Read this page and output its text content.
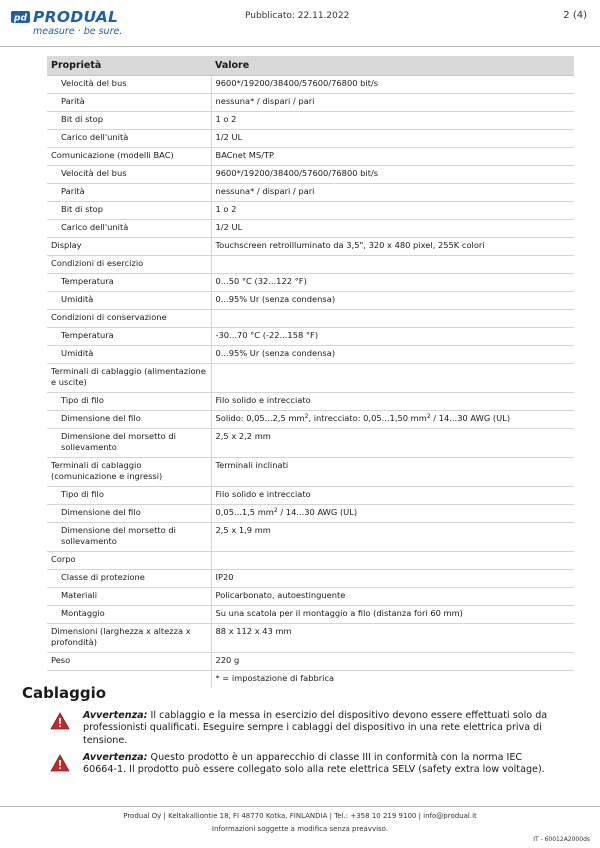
pd PRODUAL
measure · be sure.
Pubblicato: 22.11.2022	2 (4)
Proprietà	Valore
Velocità del bus	9600*/19200/38400/57600/76800 bit/s
Parità	nessuna* / dispari / pari
Bit di stop	1 o 2
Carico dell'unità	1/2 UL
Comunicazione (modelli BAC)	BACnet MS/TP
Velocità del bus	9600*/19200/38400/57600/76800 bit/s
Parità	nessuna* / dispari / pari
Bit di stop	1 o 2
Carico dell'unità	1/2 UL
Display	Touchscreen retroilluminato da 3,5", 320 x 480 pixel, 255K colori
Condizioni di esercizio	
Temperatura	0...50 °C (32...122 °F)
Umidità	0...95% Ur (senza condensa)
Condizioni di conservazione	
Temperatura	-30...70 °C (-22...158 °F)
Umidità	0...95% Ur (senza condensa)
Terminali di cablaggio (alimentazione e uscite)	
Tipo di filo	Filo solido e intrecciato
Dimensione del filo	Solido: 0,05...2,5 $mm^2$, intrecciato: 0,05...1,50 $mm^2 / 14...30$ AWG (UL)
Dimensione del morsetto di sollevamento	2,5 x 2,2 mm
Terminali di cablaggio (comunicazione e ingressi)	Terminali inclinati
Tipo di filo	Filo solido e intrecciato
Dimensione del filo	0,05...1,5 $mm^2 / 14...30$ AWG (UL)
Dimensione del morsetto di sollevamento	2,5 x 1,9 mm
Corpo	
Classe di protezione	IP20
Materiali	Policarbonato, autoestinguente
Montaggio	Su una scatola per il montaggio a filo (distanza fori 60 mm)
Dimensioni (larghezza x altezza x profondità)	88 x 112 x 43 mm
Peso	220 g
	* = impostazione di fabbrica
Cablaggio
Avvertenza: Il cablaggio e la messa in esercizio del dispositivo devono essere effettuati solo da professionisti qualificati. Eseguire sempre i cablaggi del dispositivo in una rete elettrica priva di tensione.
Avvertenza: Questo prodotto è un apparecchio di classe III in conformità con la norma IEC 60664-1. Il prodotto può essere collegato solo alla rete elettrica SELV (safety extra low voltage).
Produal Oy | Keltakalliontie 18, FI 48770 Kotka, FINLANDIA | Tel.: +358 10 219 9100 | info@produal.it
Informazioni soggette a modifica senza preavviso.
IT - 60012A2000ds
